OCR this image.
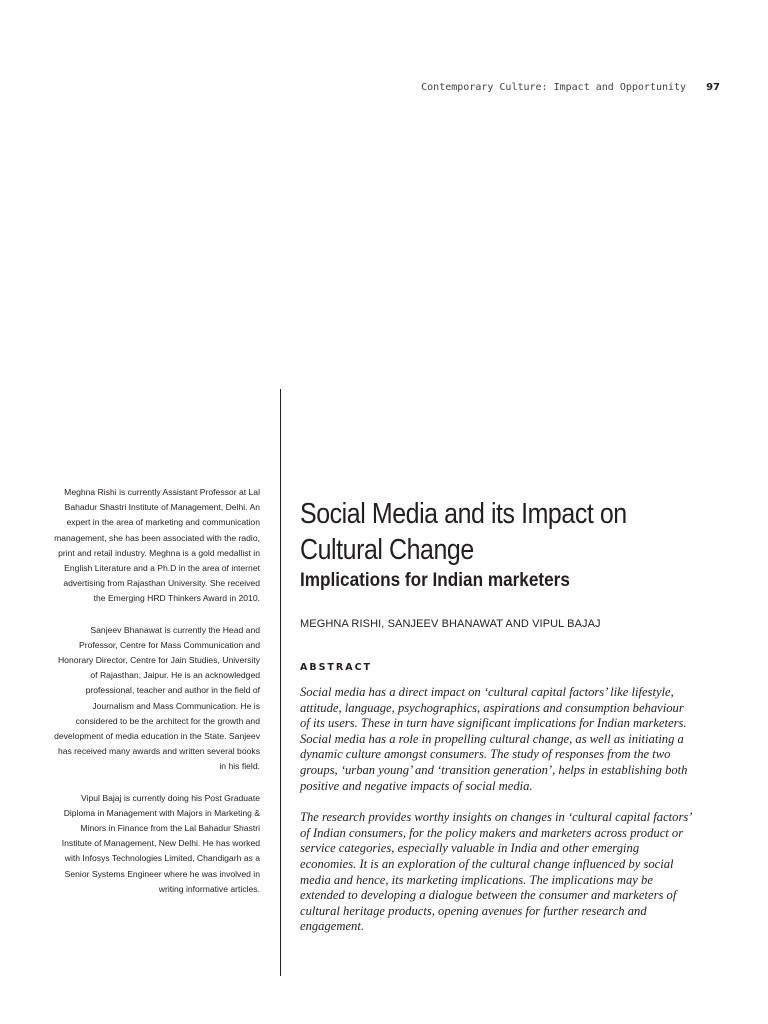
Contemporary Culture: Impact and Opportunity 97

Meghna Rishi is currently Assistant Professor at Lal Bahadur Shastri Institute of Management, Delhi. An expert in the area of marketing and communication management, she has been associated with the radio, print and retail industry. Meghna is a gold medallist in English Literature and a Ph.D in the area of internet advertising from Rajasthan University. She received the Emerging HRD Thinkers Award in 2010.

Sanjeev Bhanawat is currently the Head and Professor, Centre for Mass Communication and Honorary Director, Centre for Jain Studies, University of Rajasthan, Jaipur. He is an acknowledged professional, teacher and author in the field of Journalism and Mass Communication. He is considered to be the architect for the growth and development of media education in the State. Sanjeev has received many awards and written several books in his field.

Vipul Bajaj is currently doing his Post Graduate Diploma in Management with Majors in Marketing & Minors in Finance from the Lal Bahadur Shastri Institute of Management, New Delhi. He has worked with Infosys Technologies Limited, Chandigarh as a Senior Systems Engineer where he was involved in writing informative articles.

Social Media and its Impact on Cultural Change
Implications for Indian marketers
MEGHNA RISHI, SANJEEV BHANAWAT AND VIPUL BAJAJ
ABSTRACT

Social media has a direct impact on ‘cultural capital factors’ like lifestyle, attitude, language, psychographics, aspirations and consumption behaviour of its users. These in turn have significant implications for Indian marketers. Social media has a role in propelling cultural change, as well as initiating a dynamic culture amongst consumers. The study of responses from the two groups, ‘urban young’ and ‘transition generation’, helps in establishing both positive and negative impacts of social media.

The research provides worthy insights on changes in ‘cultural capital factors’ of Indian consumers, for the policy makers and marketers across product or service categories, especially valuable in India and other emerging economies. It is an exploration of the cultural change influenced by social media and hence, its marketing implications. The implications may be extended to developing a dialogue between the consumer and marketers of cultural heritage products, opening avenues for further research and engagement.
